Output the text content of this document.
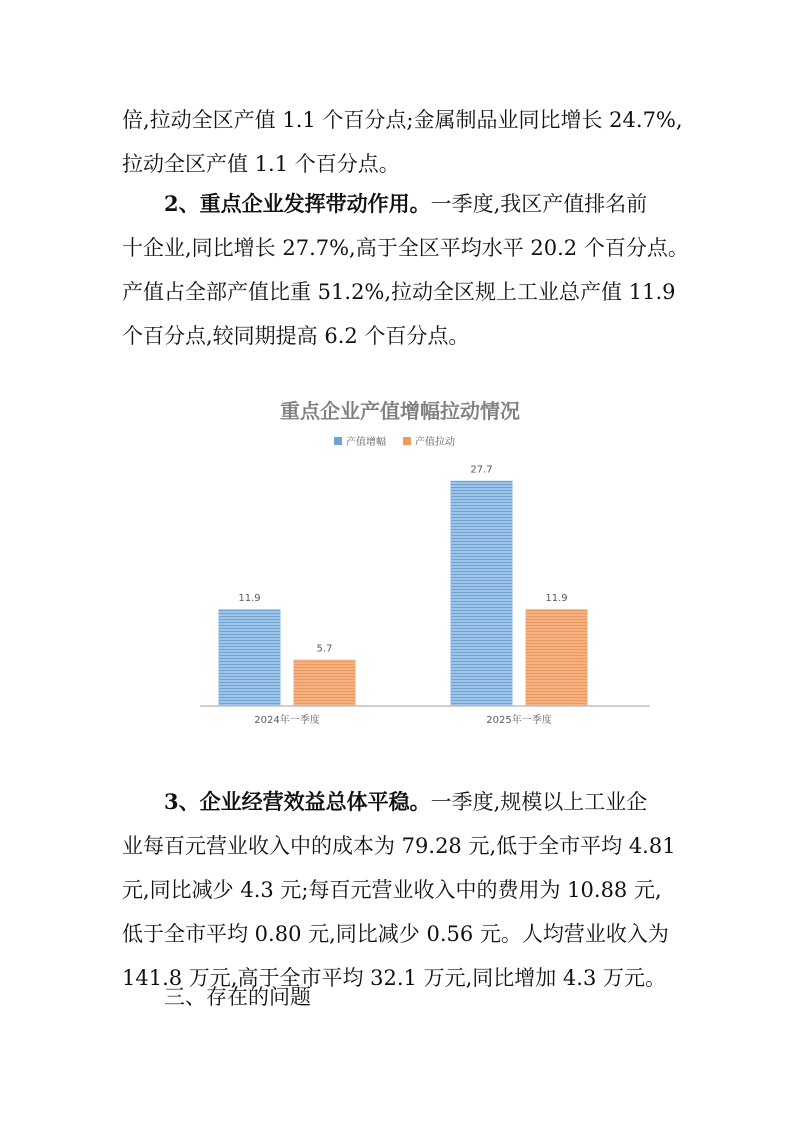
倍,拉动全区产值 1.1 个百分点;金属制品业同比增长 24.7%,
拉动全区产值 1.1 个百分点。
2、重点企业发挥带动作用。一季度,我区产值排名前
十企业,同比增长 27.7%,高于全区平均水平 20.2 个百分点。
产值占全部产值比重 51.2%,拉动全区规上工业总产值 11.9
个百分点,较同期提高 6.2 个百分点。
重点企业产值增幅拉动情况
产值增幅	产值拉动
11.9
5.7
27.7
11.9
2024年一季度	2025年一季度
3、企业经营效益总体平稳。一季度,规模以上工业企
业每百元营业收入中的成本为 79.28 元,低于全市平均 4.81
元,同比减少 4.3 元;每百元营业收入中的费用为 10.88 元,
低于全市平均 0.80 元,同比减少 0.56 元。人均营业收入为
141.8 万元,高于全市平均 32.1 万元,同比增加 4.3 万元。
三、存在的问题
